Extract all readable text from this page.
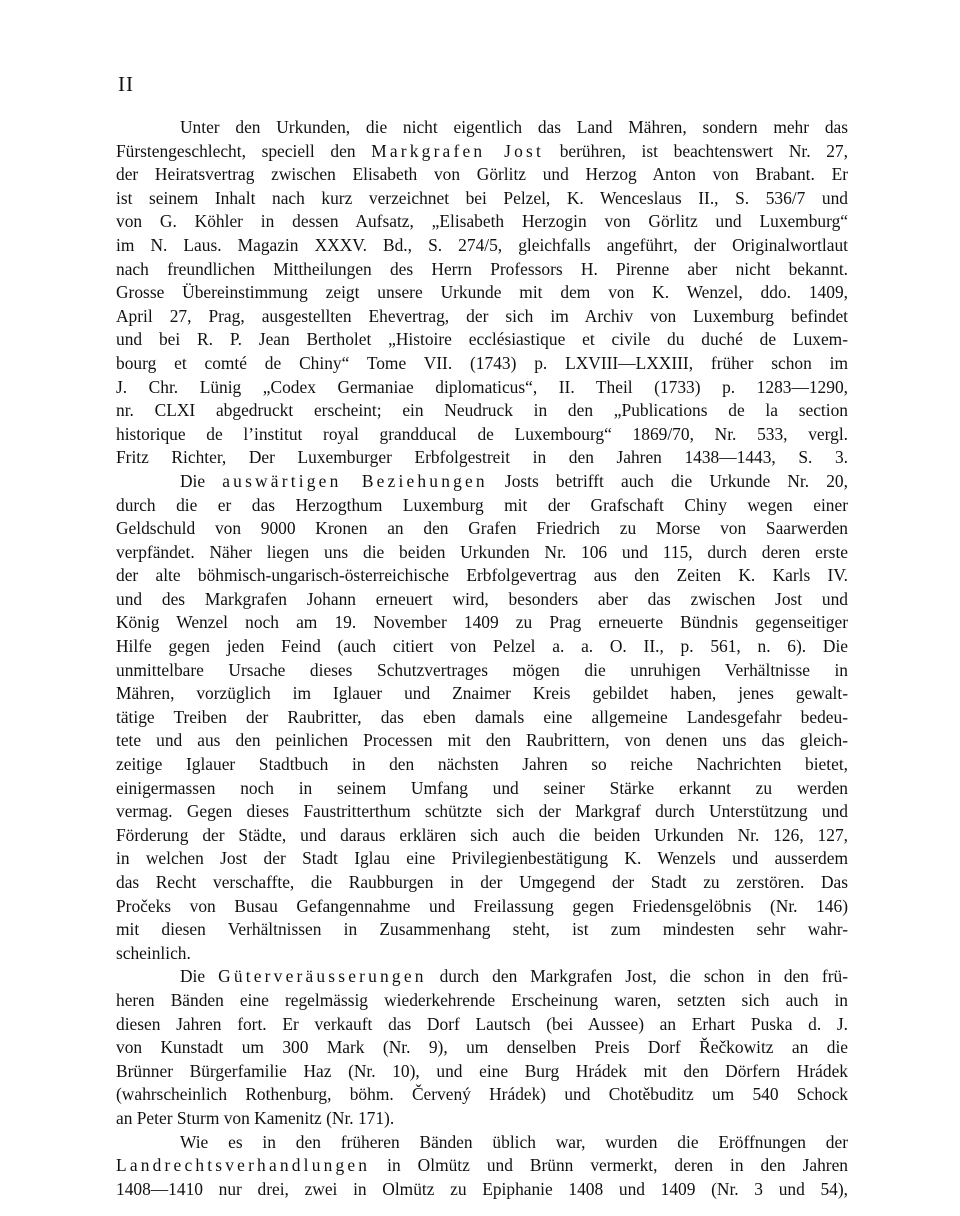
II
Unter den Urkunden, die nicht eigentlich das Land Mähren, sondern mehr das
Fürstengeschlecht, speciell den Markgrafen Jost berühren, ist beachtenswert Nr. 27,
der Heiratsvertrag zwischen Elisabeth von Görlitz und Herzog Anton von Brabant. Er
ist seinem Inhalt nach kurz verzeichnet bei Pelzel, K. Wenceslaus II., S. 536/7 und
von G. Köhler in dessen Aufsatz, „Elisabeth Herzogin von Görlitz und Luxemburg“
im N. Laus. Magazin XXXV. Bd., S. 274/5, gleichfalls angeführt, der Originalwortlaut
nach freundlichen Mittheilungen des Herrn Professors H. Pirenne aber nicht bekannt.
Grosse Übereinstimmung zeigt unsere Urkunde mit dem von K. Wenzel, ddo. 1409,
April 27, Prag, ausgestellten Ehevertrag, der sich im Archiv von Luxemburg befindet
und bei R. P. Jean Bertholet „Histoire ecclésiastique et civile du duché de Luxem-
bourg et comté de Chiny“ Tome VII. (1743) p. LXVIII—LXXIII, früher schon im
J. Chr. Lünig „Codex Germaniae diplomaticus“, II. Theil (1733) p. 1283—1290,
nr. CLXI abgedruckt erscheint; ein Neudruck in den „Publications de la section
historique de l’institut royal grandducal de Luxembourg“ 1869/70, Nr. 533, vergl.
Fritz Richter, Der Luxemburger Erbfolgestreit in den Jahren 1438—1443, S. 3.
Die auswärtigen Beziehungen Josts betrifft auch die Urkunde Nr. 20,
durch die er das Herzogthum Luxemburg mit der Grafschaft Chiny wegen einer
Geldschuld von 9000 Kronen an den Grafen Friedrich zu Morse von Saarwerden
verpfändet. Näher liegen uns die beiden Urkunden Nr. 106 und 115, durch deren erste
der alte böhmisch-ungarisch-österreichische Erbfolgevertrag aus den Zeiten K. Karls IV.
und des Markgrafen Johann erneuert wird, besonders aber das zwischen Jost und
König Wenzel noch am 19. November 1409 zu Prag erneuerte Bündnis gegenseitiger
Hilfe gegen jeden Feind (auch citiert von Pelzel a. a. O. II., p. 561, n. 6). Die
unmittelbare Ursache dieses Schutzvertrages mögen die unruhigen Verhältnisse in
Mähren, vorzüglich im Iglauer und Znaimer Kreis gebildet haben, jenes gewalt-
tätige Treiben der Raubritter, das eben damals eine allgemeine Landesgefahr bedeu-
tete und aus den peinlichen Processen mit den Raubrittern, von denen uns das gleich-
zeitige Iglauer Stadtbuch in den nächsten Jahren so reiche Nachrichten bietet,
einigermassen noch in seinem Umfang und seiner Stärke erkannt zu werden
vermag. Gegen dieses Faustritterthum schützte sich der Markgraf durch Unterstützung und
Förderung der Städte, und daraus erklären sich auch die beiden Urkunden Nr. 126, 127,
in welchen Jost der Stadt Iglau eine Privilegienbestätigung K. Wenzels und ausserdem
das Recht verschaffte, die Raubburgen in der Umgegend der Stadt zu zerstören. Das
Pročeks von Busau Gefangennahme und Freilassung gegen Friedensgelöbnis (Nr. 146)
mit diesen Verhältnissen in Zusammenhang steht, ist zum mindesten sehr wahr-
scheinlich.
Die Güterveräusserungen durch den Markgrafen Jost, die schon in den frü-
heren Bänden eine regelmässig wiederkehrende Erscheinung waren, setzten sich auch in
diesen Jahren fort. Er verkauft das Dorf Lautsch (bei Aussee) an Erhart Puska d. J.
von Kunstadt um 300 Mark (Nr. 9), um denselben Preis Dorf Řečkowitz an die
Brünner Bürgerfamilie Haz (Nr. 10), und eine Burg Hrádek mit den Dörfern Hrádek
(wahrscheinlich Rothenburg, böhm. Červený Hrádek) und Chotěbuditz um 540 Schock
an Peter Sturm von Kamenitz (Nr. 171).
Wie es in den früheren Bänden üblich war, wurden die Eröffnungen der
Landrechtsverhandlungen in Olmütz und Brünn vermerkt, deren in den Jahren
1408—1410 nur drei, zwei in Olmütz zu Epiphanie 1408 und 1409 (Nr. 3 und 54),
